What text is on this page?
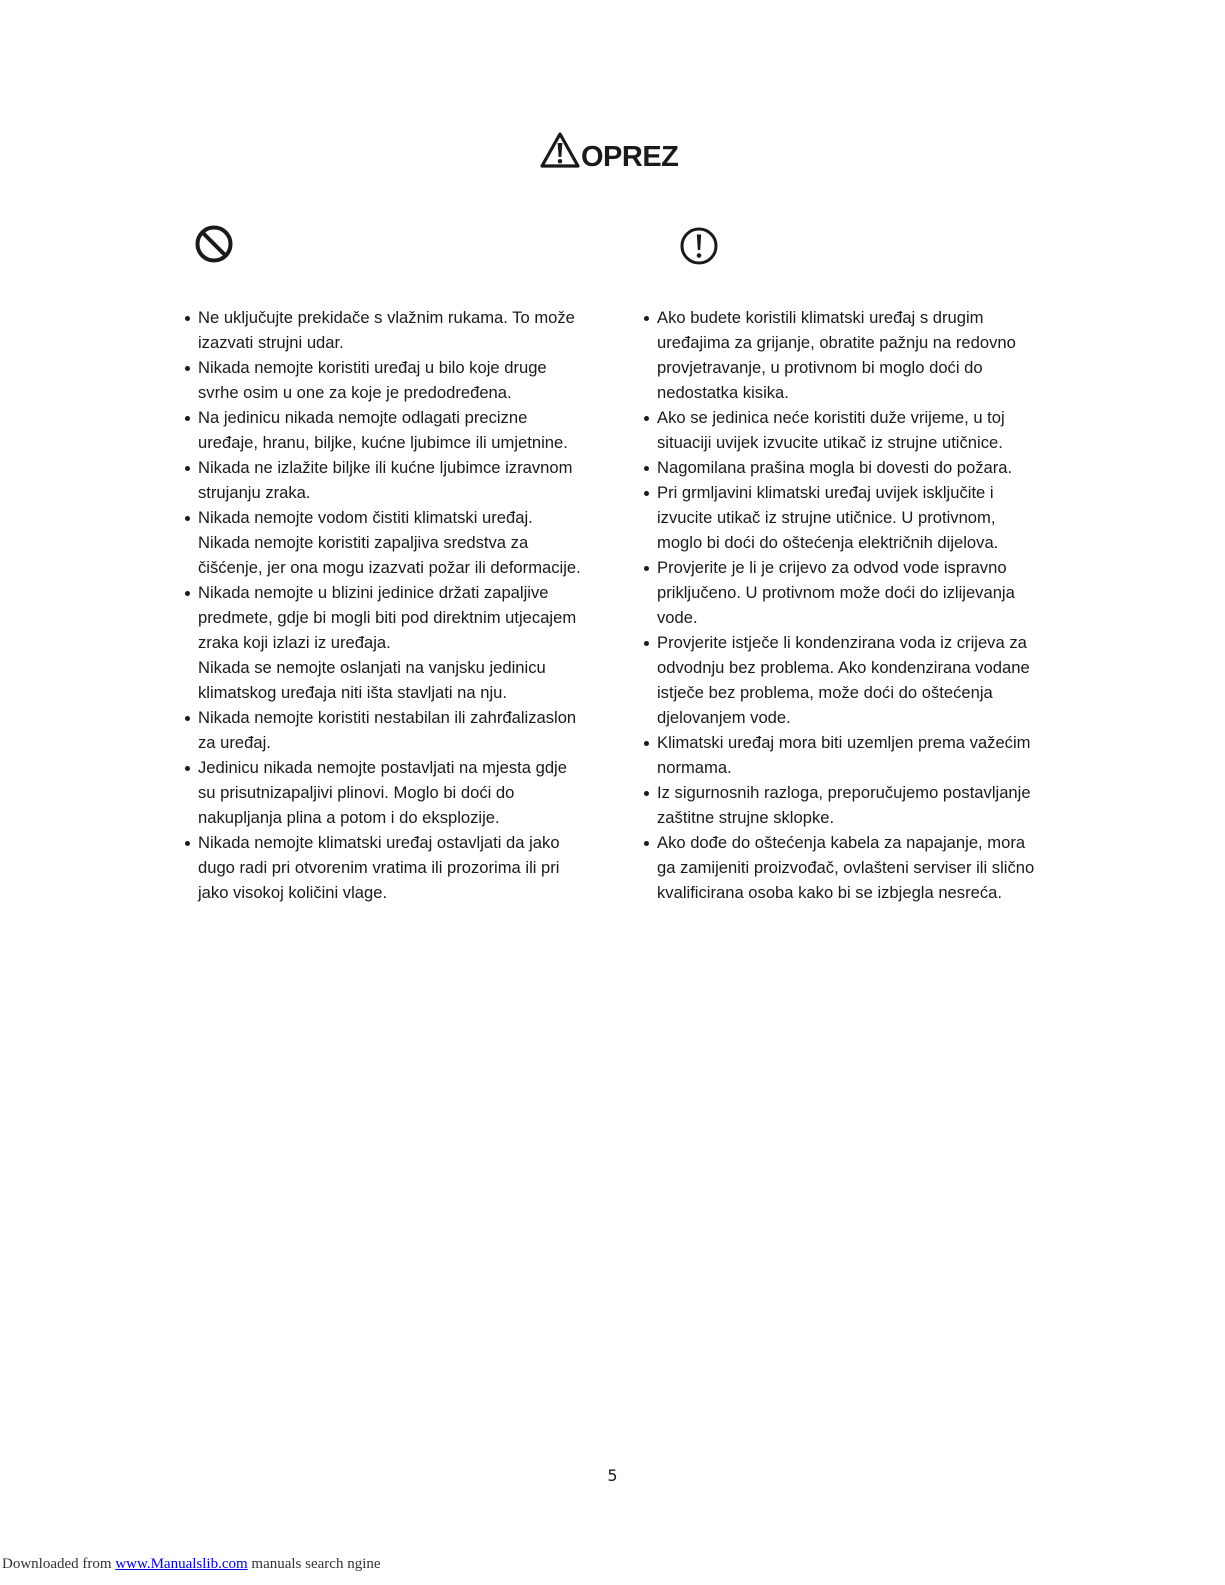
OPREZ
Ne uključujte prekidače s vlažnim rukama. To može izazvati strujni udar.
Nikada nemojte koristiti uređaj u bilo koje druge svrhe osim u one za koje je predodređena.
Na jedinicu nikada nemojte odlagati precizne uređaje, hranu, biljke, kućne ljubimce ili umjetnine.
Nikada ne izlažite biljke ili kućne ljubimce izravnom strujanju zraka.
Nikada nemojte vodom čistiti klimatski uređaj. Nikada nemojte koristiti zapaljiva sredstva za čišćenje, jer ona mogu izazvati požar ili deformacije.
Nikada nemojte u blizini jedinice držati zapaljive predmete, gdje bi mogli biti pod direktnim utjecajem zraka koji izlazi iz uređaja.
Nikada se nemojte oslanjati na vanjsku jedinicu klimatskog uređaja niti išta stavljati na nju.
Nikada nemojte koristiti nestabilan ili zahrđalizaslon za uređaj.
Jedinicu nikada nemojte postavljati na mjesta gdje su prisutnizapaljivi plinovi. Moglo bi doći do nakupljanja plina a potom i do eksplozije.
Nikada nemojte klimatski uređaj ostavljati da jako dugo radi pri otvorenim vratima ili prozorima ili pri jako visokoj količini vlage.
Ako budete koristili klimatski uređaj s drugim uređajima za grijanje, obratite pažnju na redovno provjetravanje, u protivnom bi moglo doći do nedostatka kisika.
Ako se jedinica neće koristiti duže vrijeme, u toj situaciji uvijek izvucite utikač iz strujne utičnice.
Nagomilana prašina mogla bi dovesti do požara.
Pri grmljavini klimatski uređaj uvijek isključite i izvucite utikač iz strujne utičnice. U protivnom, moglo bi doći do oštećenja električnih dijelova.
Provjerite je li je crijevo za odvod vode ispravno priključeno. U protivnom može doći do izlijevanja vode.
Provjerite istječe li kondenzirana voda iz crijeva za odvodnju bez problema. Ako kondenzirana vodane istječe bez problema, može doći do oštećenja djelovanjem vode.
Klimatski uređaj mora biti uzemljen prema važećim normama.
Iz sigurnosnih razloga, preporučujemo postavljanje zaštitne strujne sklopke.
Ako dođe do oštećenja kabela za napajanje, mora ga zamijeniti proizvođač, ovlašteni serviser ili slično kvalificirana osoba kako bi se izbjegla nesreća.
5
Downloaded from www.Manualslib.com manuals search ngine
